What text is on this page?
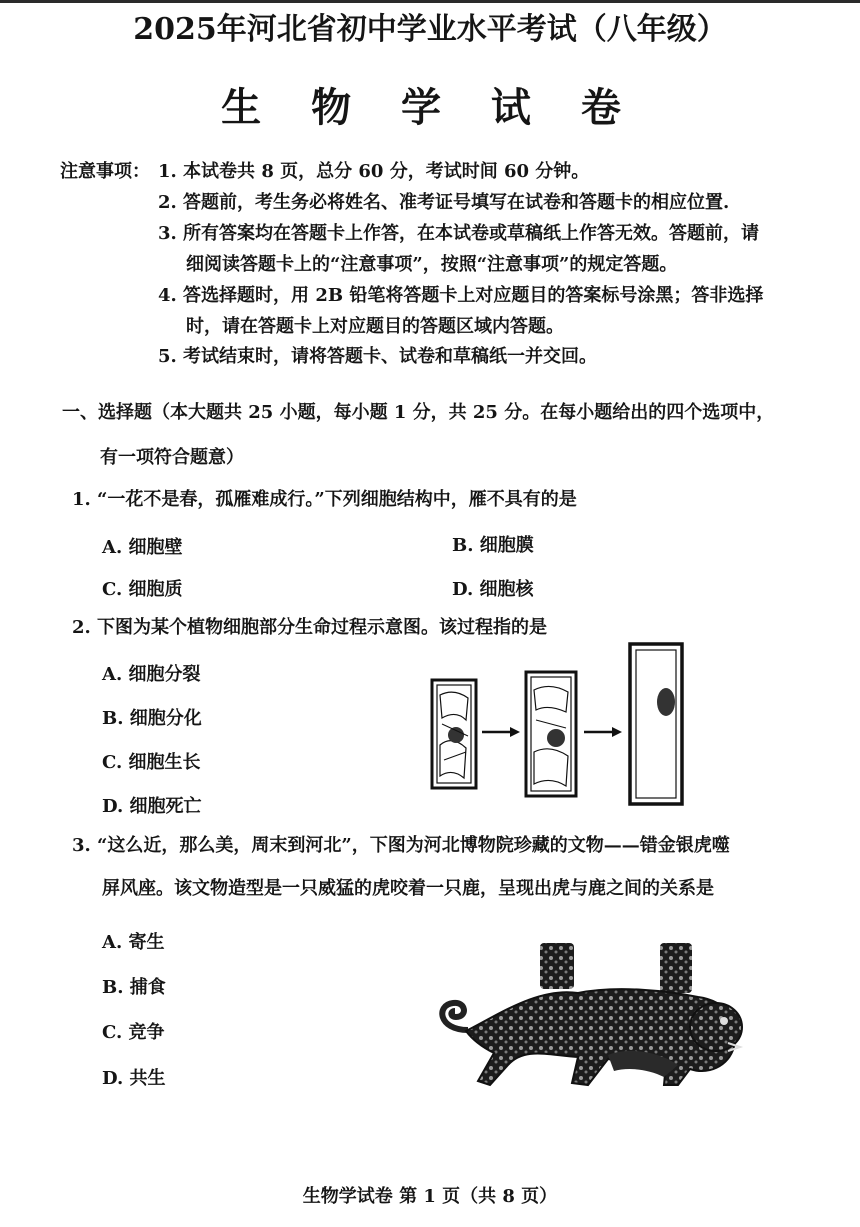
2025年河北省初中学业水平考试（八年级）
生 物 学 试 卷
注意事项： 1. 本试卷共 8 页，总分 60 分，考试时间 60 分钟。
2. 答题前，考生务必将姓名、准考证号填写在试卷和答题卡的相应位置.
3. 所有答案均在答题卡上作答，在本试卷或草稿纸上作答无效。答题前，请
细阅读答题卡上的“注意事项”，按照“注意事项”的规定答题。
4. 答选择题时，用 2B 铅笔将答题卡上对应题目的答案标号涂黑；答非选择
时，请在答题卡上对应题目的答题区域内答题。
5. 考试结束时，请将答题卡、试卷和草稿纸一并交回。
一、选择题（本大题共 25 小题，每小题 1 分，共 25 分。在每小题给出的四个选项中，
有一项符合题意）
1. “一花不是春，孤雁难成行。”下列细胞结构中，雁不具有的是
A. 细胞壁	B. 细胞膜
C. 细胞质	D. 细胞核
2. 下图为某个植物细胞部分生命过程示意图。该过程指的是
A. 细胞分裂
B. 细胞分化
C. 细胞生长
D. 细胞死亡
3. “这么近，那么美，周末到河北”，下图为河北博物院珍藏的文物——错金银虎噬
屏风座。该文物造型是一只威猛的虎咬着一只鹿，呈现出虎与鹿之间的关系是
A. 寄生
B. 捕食
C. 竞争
D. 共生
生物学试卷 第 1 页（共 8 页）
